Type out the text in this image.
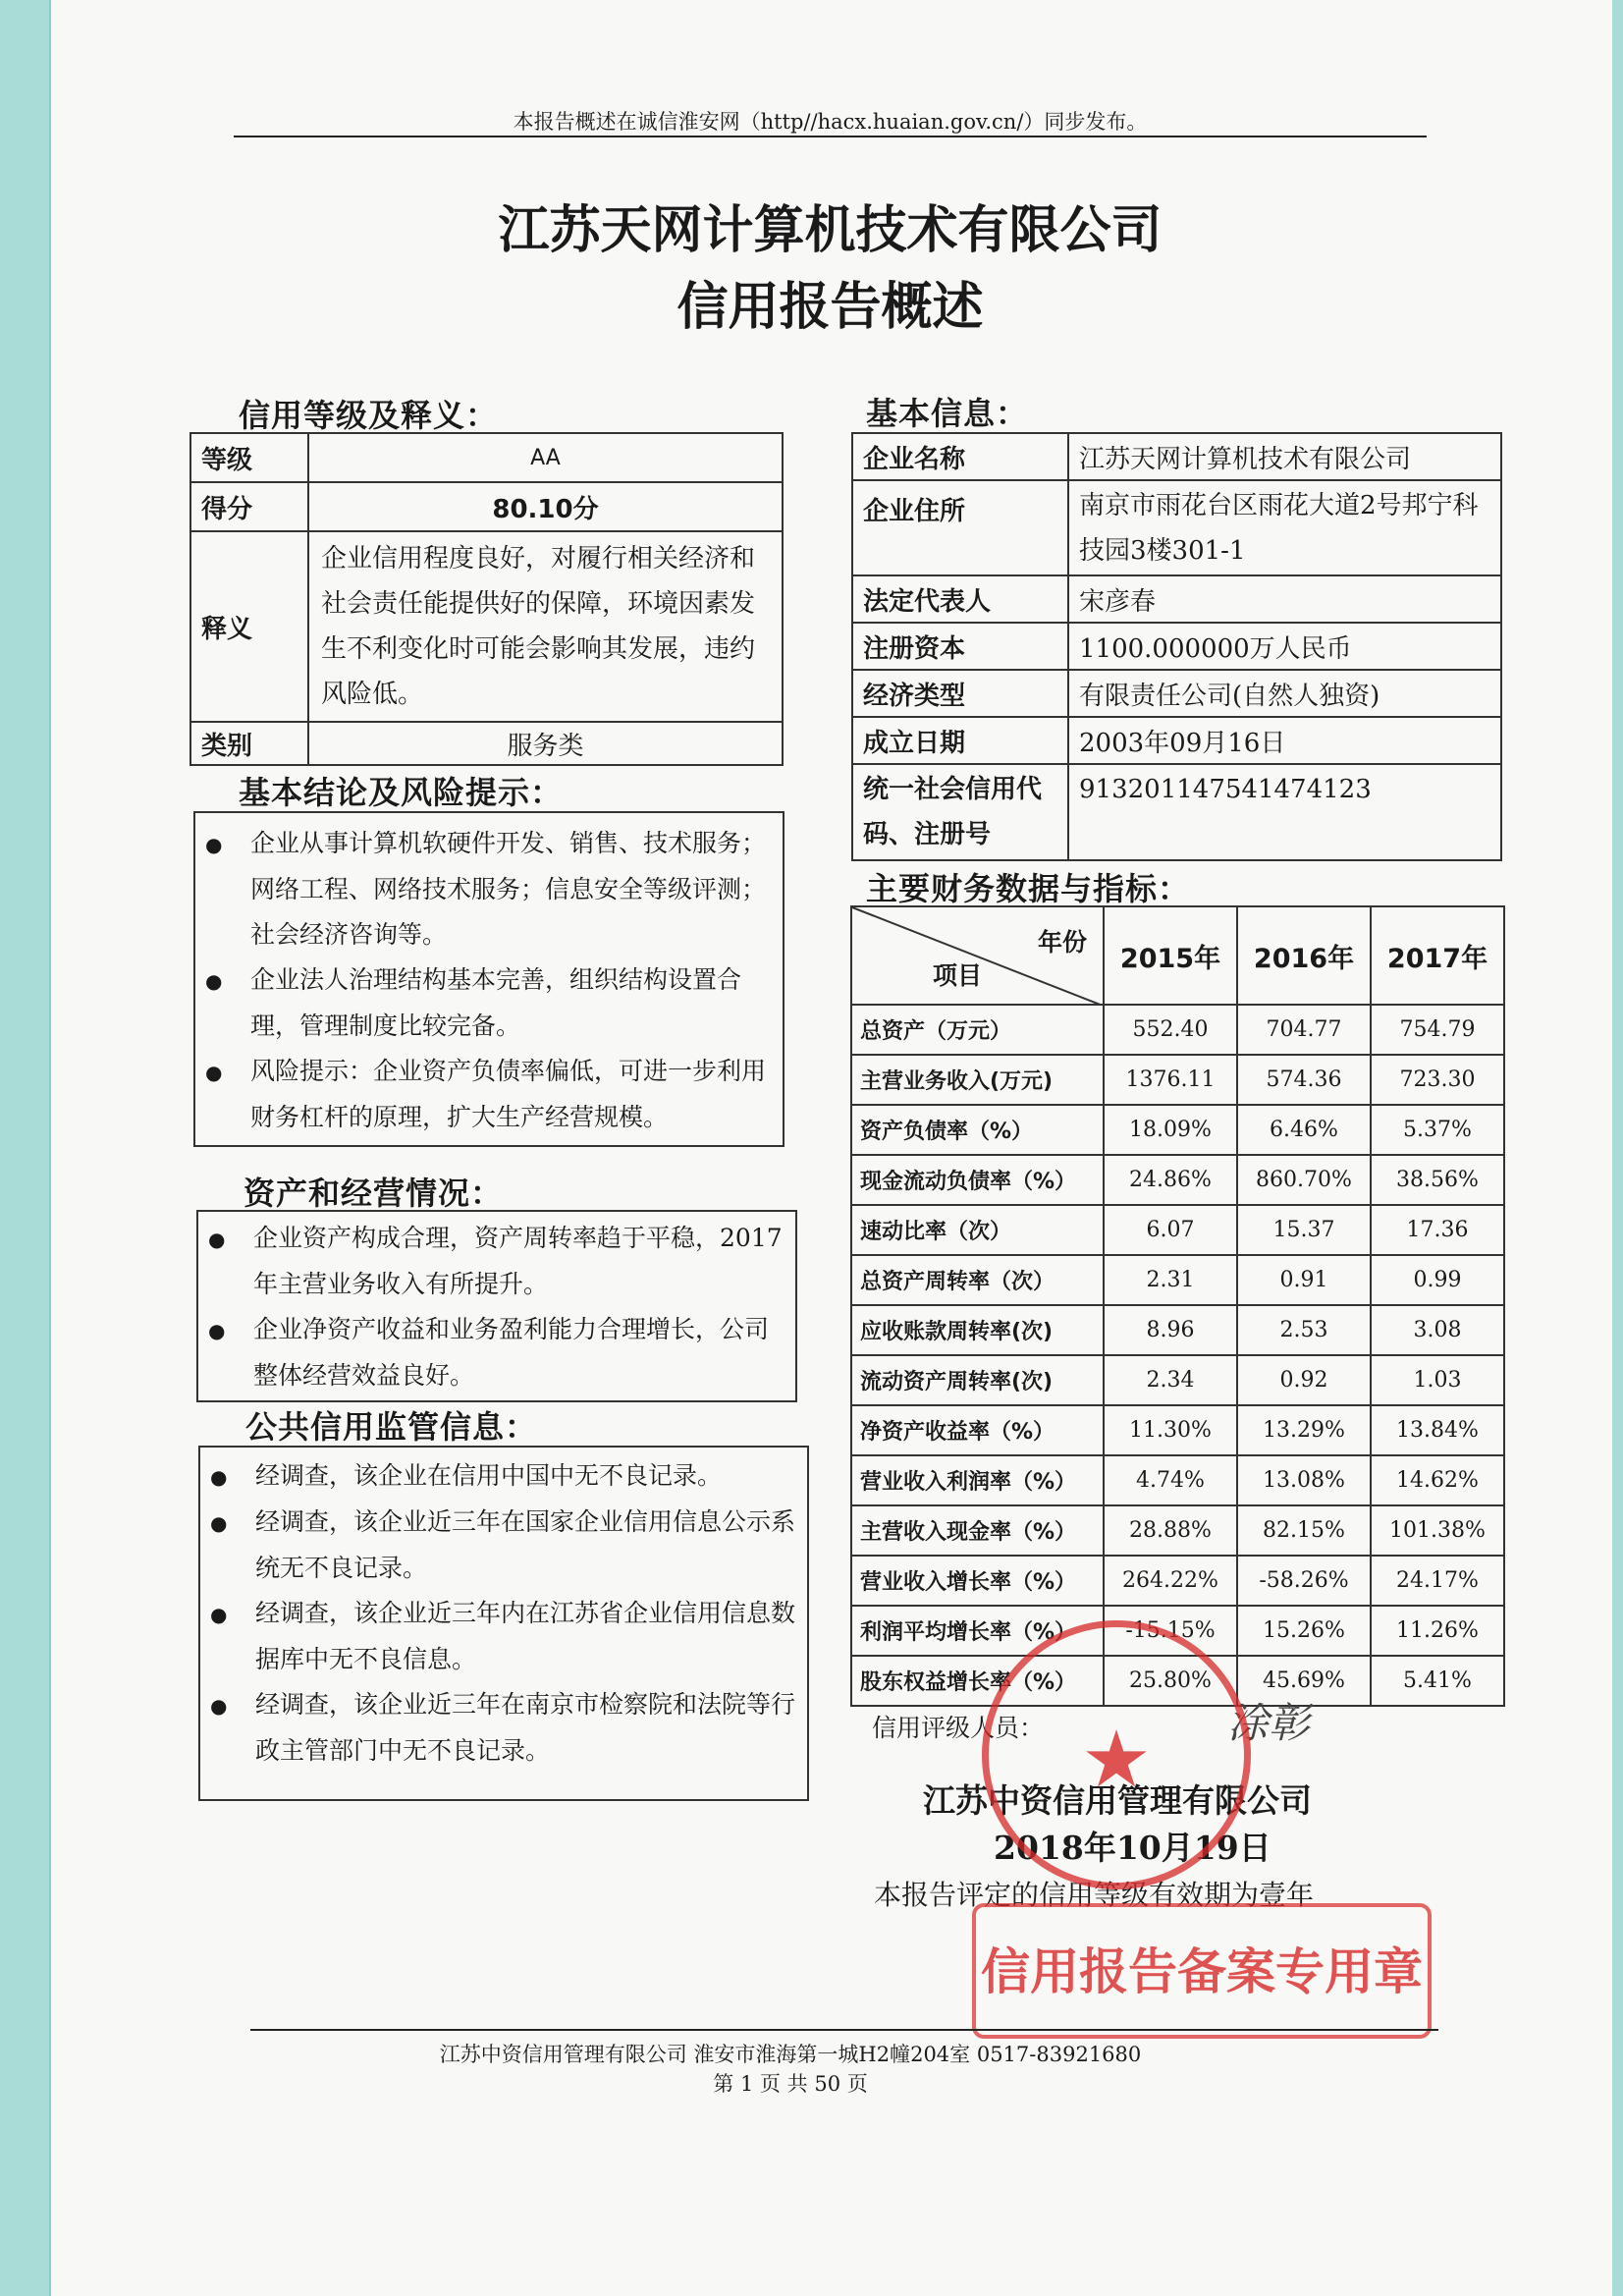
本报告概述在诚信淮安网（http//hacx.huaian.gov.cn/）同步发布。
江苏天网计算机技术有限公司
信用报告概述
信用等级及释义：
等级	AA
得分	80.10分
释义	企业信用程度良好，对履行相关经济和社会责任能提供好的保障，环境因素发生不利变化时可能会影响其发展，违约风险低。
类别	服务类
基本结论及风险提示：

● 企业从事计算机软硬件开发、销售、技术服务；网络工程、网络技术服务；信息安全等级评测；社会经济咨询等。

● 企业法人治理结构基本完善，组织结构设置合理，管理制度比较完备。

● 风险提示：企业资产负债率偏低，可进一步利用财务杠杆的原理，扩大生产经营规模。

资产和经营情况：

● 企业资产构成合理，资产周转率趋于平稳，2017年主营业务收入有所提升。

● 企业净资产收益和业务盈利能力合理增长，公司整体经营效益良好。

公共信用监管信息：

● 经调查，该企业在信用中国中无不良记录。

● 经调查，该企业近三年在国家企业信用信息公示系统无不良记录。

● 经调查，该企业近三年内在江苏省企业信用信息数据库中无不良信息。

● 经调查，该企业近三年在南京市检察院和法院等行政主管部门中无不良记录。

基本信息：
企业名称	江苏天网计算机技术有限公司
企业住所	南京市雨花台区雨花大道2号邦宁科技园3楼301-1
法定代表人	宋彦春
注册资本	1100.000000万人民币
经济类型	有限责任公司(自然人独资)
成立日期	2003年09月16日
统一社会信用代码、注册号	913201147541474123
主要财务数据与指标：
年份
项目	2015年	2016年	2017年
总资产（万元）	552.40	704.77	754.79
主营业务收入(万元)	1376.11	574.36	723.30
资产负债率（%）	18.09%	6.46%	5.37%
现金流动负债率（%）	24.86%	860.70%	38.56%
速动比率（次）	6.07	15.37	17.36
总资产周转率（次）	2.31	0.91	0.99
应收账款周转率(次)	8.96	2.53	3.08
流动资产周转率(次)	2.34	0.92	1.03
净资产收益率（%）	11.30%	13.29%	13.84%
营业收入利润率（%）	4.74%	13.08%	14.62%
主营收入现金率（%）	28.88%	82.15%	101.38%
营业收入增长率（%）	264.22%	-58.26%	24.17%
利润平均增长率（%）	-15.15%	15.26%	11.26%
股东权益增长率（%）	25.80%	45.69%	5.41%
信用评级人员：	涂彰
江苏中资信用管理有限公司
2018年10月19日
本报告评定的信用等级有效期为壹年
★
信用报告备案专用章
江苏中资信用管理有限公司 淮安市淮海第一城H2幢204室 0517-83921680
第 1 页 共 50 页
